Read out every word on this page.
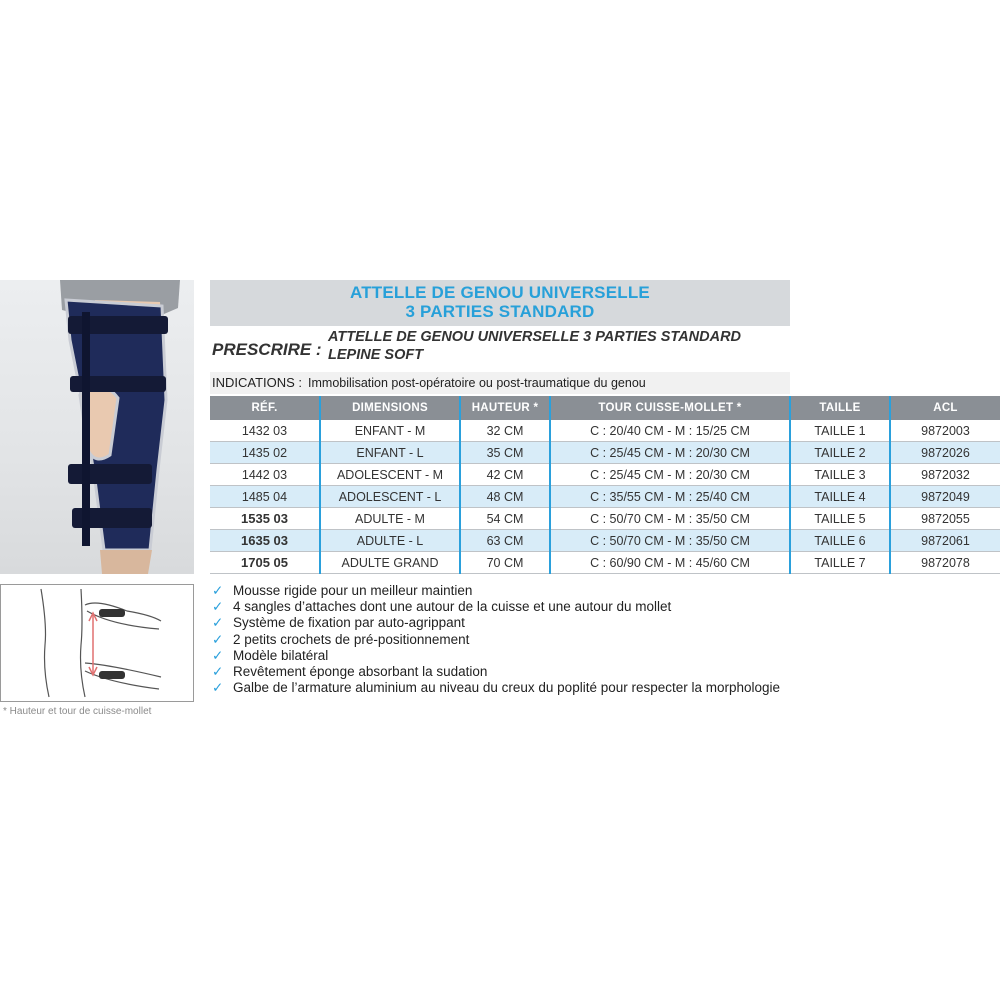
* Hauteur et tour de cuisse-mollet
ATTELLE DE GENOU UNIVERSELLE
3 PARTIES STANDARD
PRESCRIRE :
ATTELLE DE GENOU UNIVERSELLE 3 PARTIES STANDARD
LEPINE SOFT
INDICATIONS : Immobilisation post-opératoire ou post-traumatique du genou
RÉF.	DIMENSIONS	HAUTEUR *	TOUR CUISSE-MOLLET *	TAILLE	ACL
1432 03	ENFANT - M	32 CM	C : 20/40 CM - M : 15/25 CM	TAILLE 1	9872003
1435 02	ENFANT - L	35 CM	C : 25/45 CM - M : 20/30 CM	TAILLE 2	9872026
1442 03	ADOLESCENT - M	42 CM	C : 25/45 CM - M : 20/30 CM	TAILLE 3	9872032
1485 04	ADOLESCENT - L	48 CM	C : 35/55 CM - M : 25/40 CM	TAILLE 4	9872049
1535 03	ADULTE - M	54 CM	C : 50/70 CM - M : 35/50 CM	TAILLE 5	9872055
1635 03	ADULTE - L	63 CM	C : 50/70 CM - M : 35/50 CM	TAILLE 6	9872061
1705 05	ADULTE GRAND	70 CM	C : 60/90 CM - M : 45/60 CM	TAILLE 7	9872078
✓ Mousse rigide pour un meilleur maintien
✓ 4 sangles d’attaches dont une autour de la cuisse et une autour du mollet
✓ Système de fixation par auto-agrippant
✓ 2 petits crochets de pré-positionnement
✓ Modèle bilatéral
✓ Revêtement éponge absorbant la sudation
✓ Galbe de l’armature aluminium au niveau du creux du poplité pour respecter la morphologie
